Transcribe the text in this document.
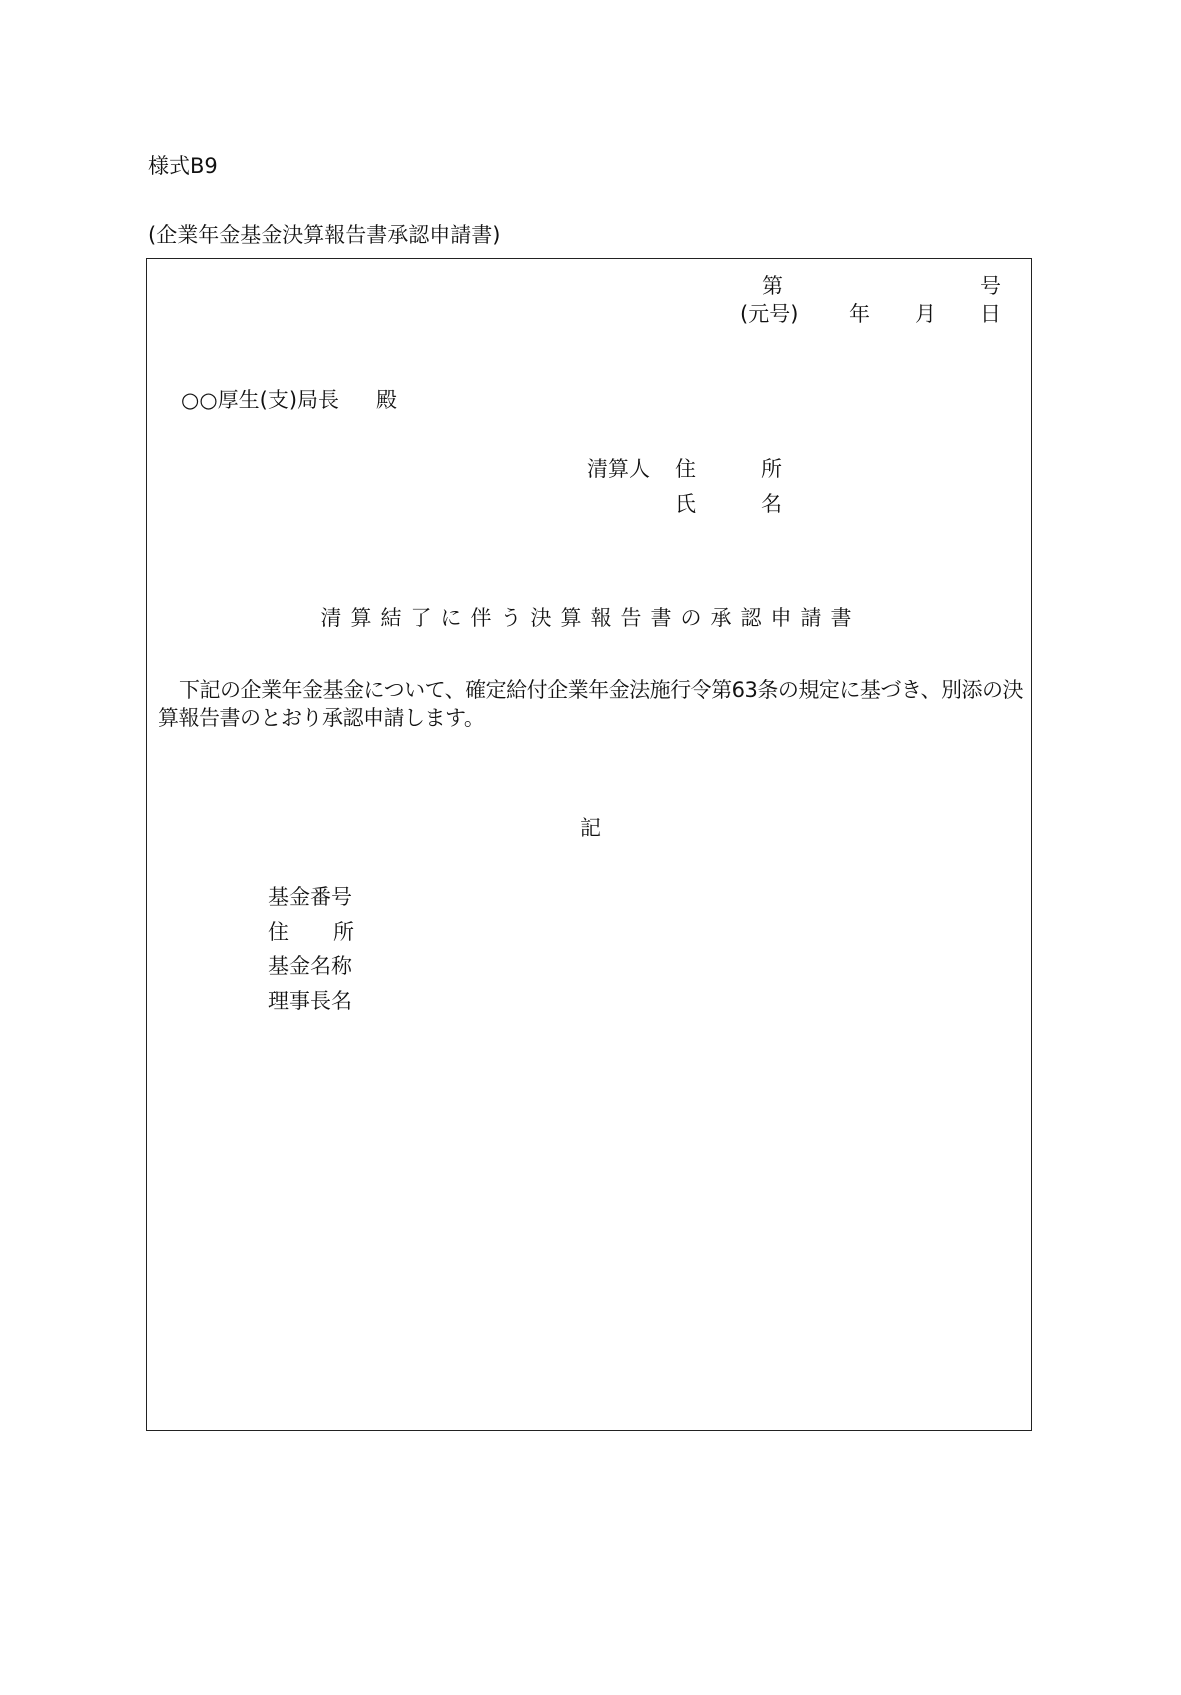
様式B9
(企業年金基金決算報告書承認申請書)
第	号
(元号) 年 月 日
○○厚生(支)局長 殿
清算人 住	所
氏	名
清算結了に伴う決算報告書の承認申請書
下記の企業年金基金について、確定給付企業年金法施行令第63条の規定に基づき、別添の決算報告書のとおり承認申請します。
記
基金番号
住 所
基金名称
理事長名
